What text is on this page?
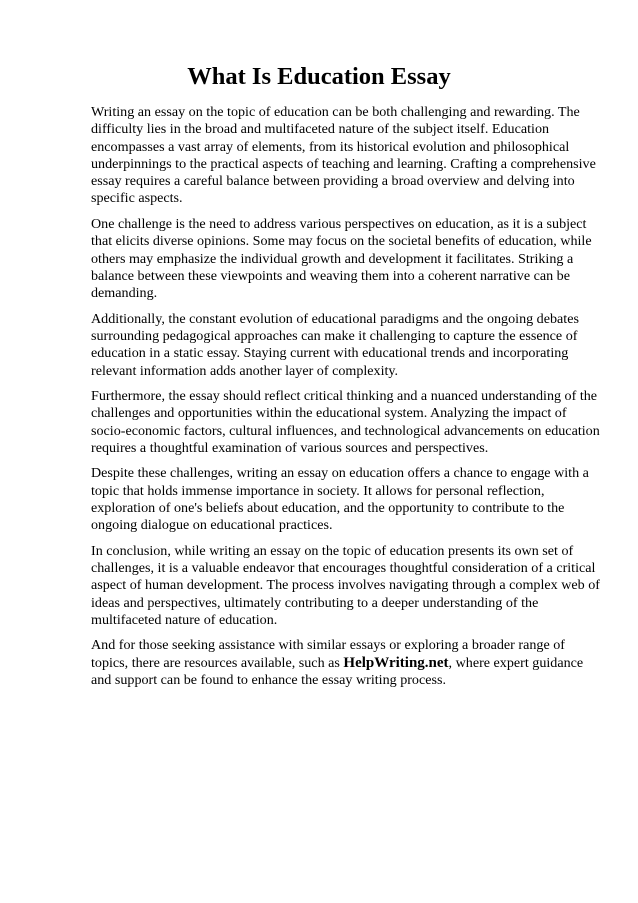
What Is Education Essay

Writing an essay on the topic of education can be both challenging and rewarding. The difficulty lies in the broad and multifaceted nature of the subject itself. Education encompasses a vast array of elements, from its historical evolution and philosophical underpinnings to the practical aspects of teaching and learning. Crafting a comprehensive essay requires a careful balance between providing a broad overview and delving into specific aspects.

One challenge is the need to address various perspectives on education, as it is a subject that elicits diverse opinions. Some may focus on the societal benefits of education, while others may emphasize the individual growth and development it facilitates. Striking a balance between these viewpoints and weaving them into a coherent narrative can be demanding.

Additionally, the constant evolution of educational paradigms and the ongoing debates surrounding pedagogical approaches can make it challenging to capture the essence of education in a static essay. Staying current with educational trends and incorporating relevant information adds another layer of complexity.

Furthermore, the essay should reflect critical thinking and a nuanced understanding of the challenges and opportunities within the educational system. Analyzing the impact of socio-economic factors, cultural influences, and technological advancements on education requires a thoughtful examination of various sources and perspectives.

Despite these challenges, writing an essay on education offers a chance to engage with a topic that holds immense importance in society. It allows for personal reflection, exploration of one's beliefs about education, and the opportunity to contribute to the ongoing dialogue on educational practices.

In conclusion, while writing an essay on the topic of education presents its own set of challenges, it is a valuable endeavor that encourages thoughtful consideration of a critical aspect of human development. The process involves navigating through a complex web of ideas and perspectives, ultimately contributing to a deeper understanding of the multifaceted nature of education.

And for those seeking assistance with similar essays or exploring a broader range of topics, there are resources available, such as HelpWriting.net, where expert guidance and support can be found to enhance the essay writing process.
